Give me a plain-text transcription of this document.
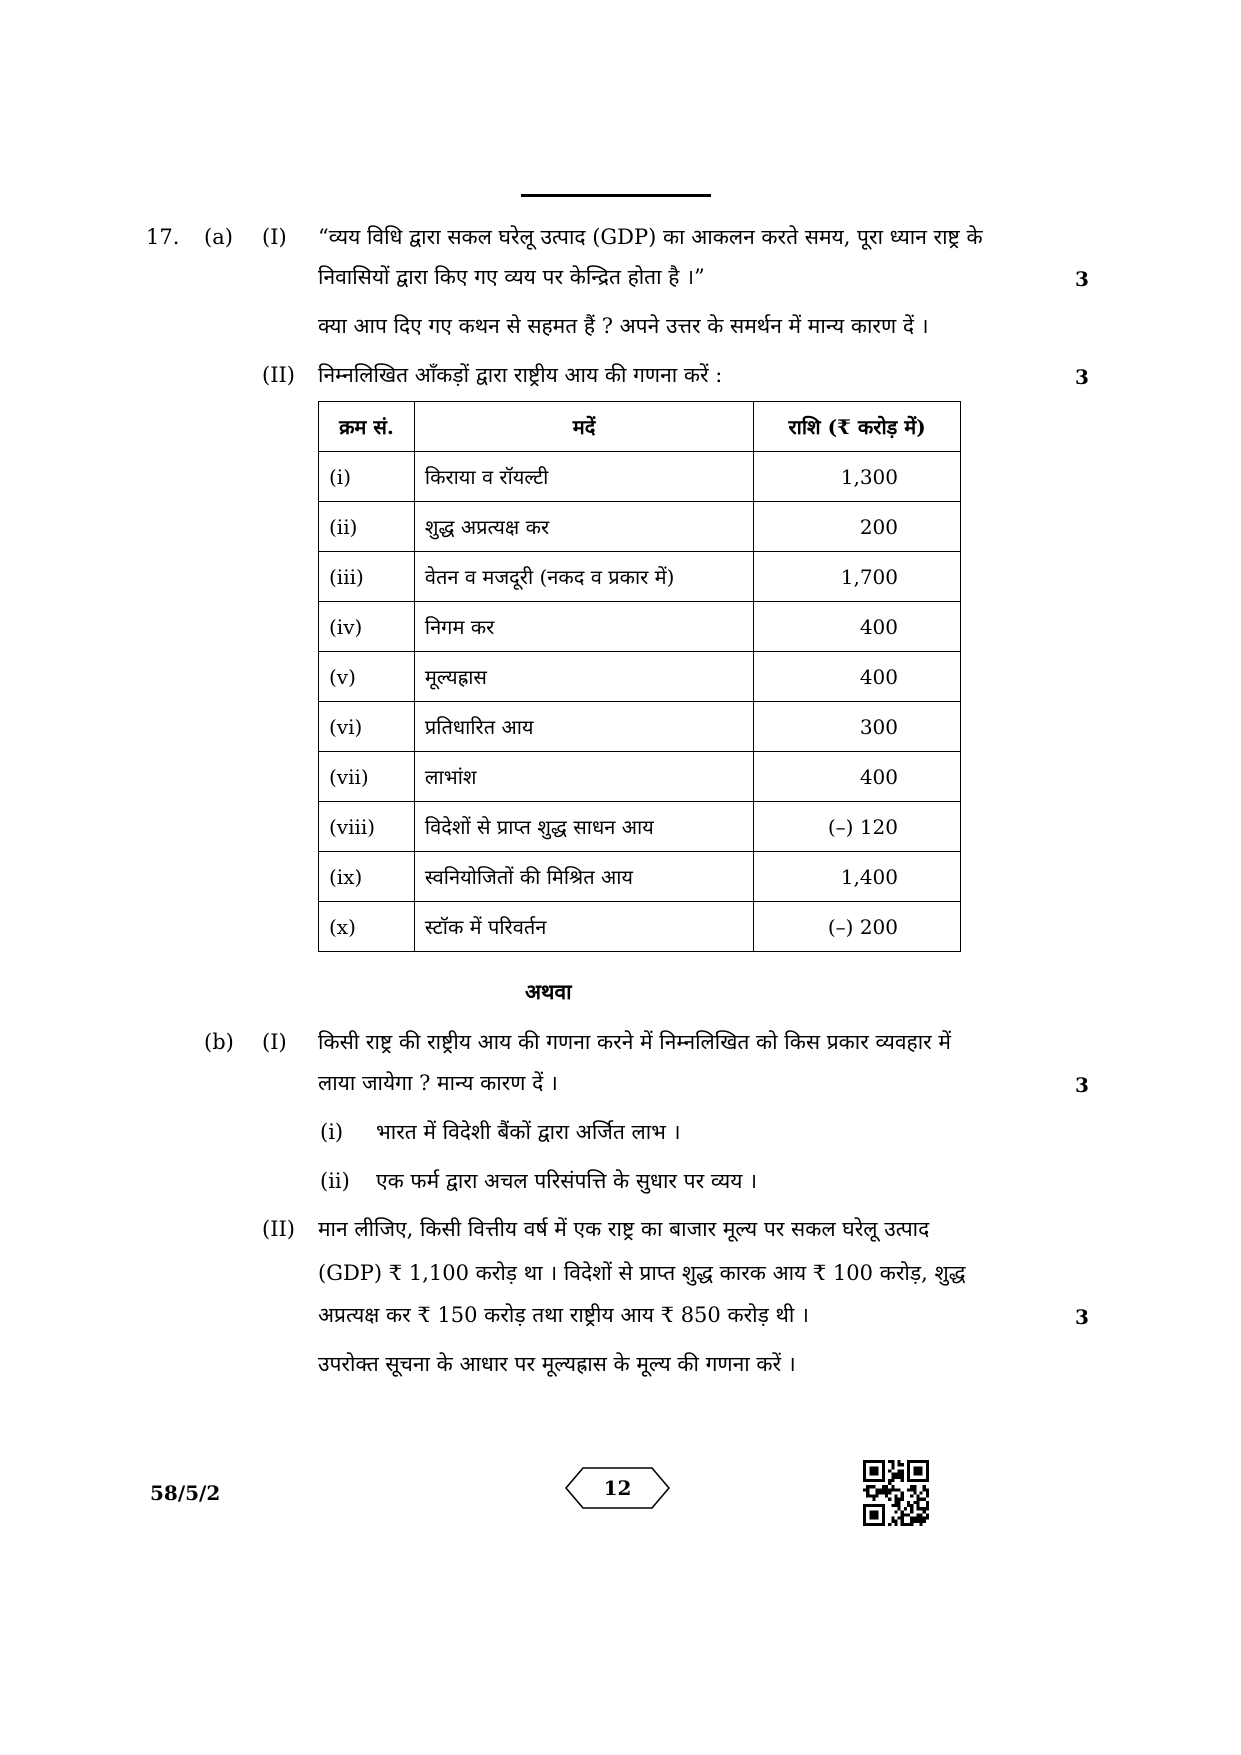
17. (a) (I) “व्यय विधि द्वारा सकल घरेलू उत्पाद (GDP) का आकलन करते समय, पूरा ध्यान राष्ट्र के
निवासियों द्वारा किए गए व्यय पर केन्द्रित होता है ।”	3
क्या आप दिए गए कथन से सहमत हैं ? अपने उत्तर के समर्थन में मान्य कारण दें ।
(II) निम्नलिखित आँकड़ों द्वारा राष्ट्रीय आय की गणना करें :	3
क्रम सं.	मदें	राशि (₹ करोड़ में)
(i)	किराया व रॉयल्टी	1,300
(ii)	शुद्ध अप्रत्यक्ष कर	200
(iii)	वेतन व मजदूरी (नकद व प्रकार में)	1,700
(iv)	निगम कर	400
(v)	मूल्यह्रास	400
(vi)	प्रतिधारित आय	300
(vii)	लाभांश	400
(viii)	विदेशों से प्राप्त शुद्ध साधन आय	(–) 120
(ix)	स्वनियोजितों की मिश्रित आय	1,400
(x)	स्टॉक में परिवर्तन	(–) 200
अथवा
(b) (I) किसी राष्ट्र की राष्ट्रीय आय की गणना करने में निम्नलिखित को किस प्रकार व्यवहार में
लाया जायेगा ? मान्य कारण दें ।	3
(i) भारत में विदेशी बैंकों द्वारा अर्जित लाभ ।
(ii) एक फर्म द्वारा अचल परिसंपत्ति के सुधार पर व्यय ।
(II) मान लीजिए, किसी वित्तीय वर्ष में एक राष्ट्र का बाजार मूल्य पर सकल घरेलू उत्पाद
(GDP) ₹ 1,100 करोड़ था । विदेशों से प्राप्त शुद्ध कारक आय ₹ 100 करोड़, शुद्ध
अप्रत्यक्ष कर ₹ 150 करोड़ तथा राष्ट्रीय आय ₹ 850 करोड़ थी ।	3
उपरोक्त सूचना के आधार पर मूल्यह्रास के मूल्य की गणना करें ।
58/5/2	12
